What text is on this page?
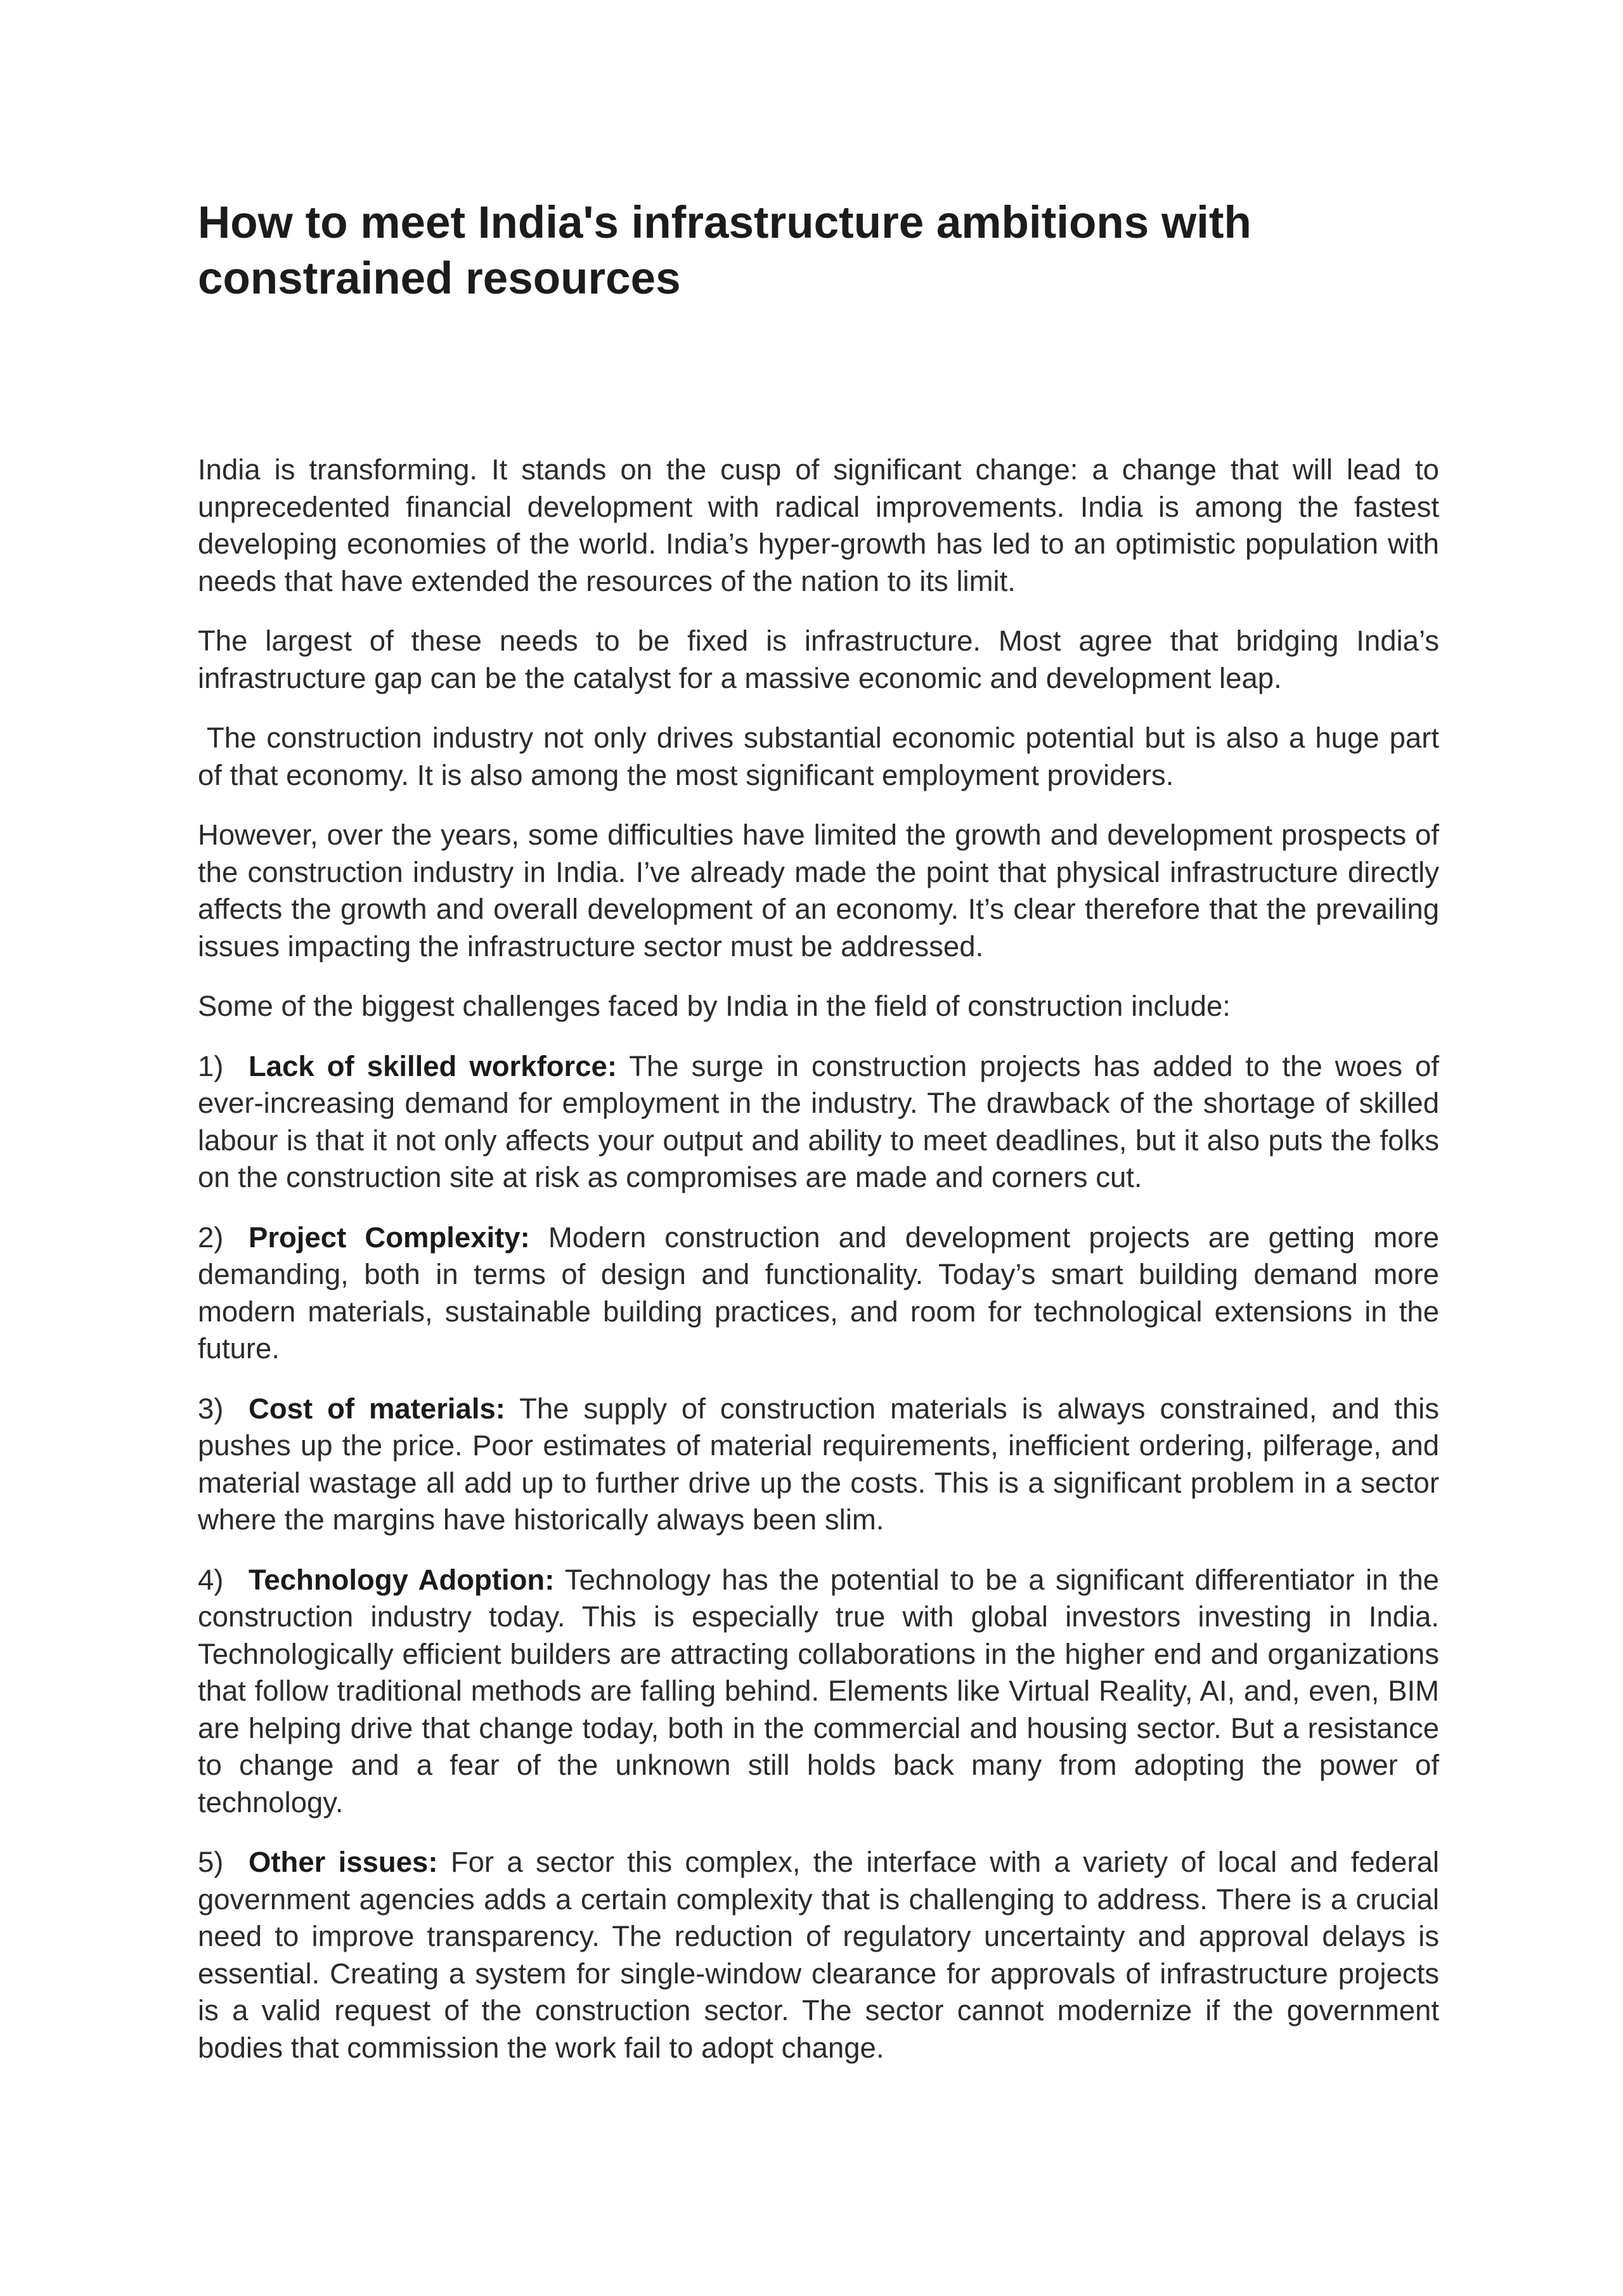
How to meet India's infrastructure ambitions with constrained resources

India is transforming. It stands on the cusp of significant change: a change that will lead to unprecedented financial development with radical improvements. India is among the fastest developing economies of the world. India’s hyper-growth has led to an optimistic population with needs that have extended the resources of the nation to its limit.

The largest of these needs to be fixed is infrastructure. Most agree that bridging India’s infrastructure gap can be the catalyst for a massive economic and development leap.

The construction industry not only drives substantial economic potential but is also a huge part of that economy. It is also among the most significant employment providers.

However, over the years, some difficulties have limited the growth and development prospects of the construction industry in India. I’ve already made the point that physical infrastructure directly affects the growth and overall development of an economy. It’s clear therefore that the prevailing issues impacting the infrastructure sector must be addressed.

Some of the biggest challenges faced by India in the field of construction include:

1) Lack of skilled workforce: The surge in construction projects has added to the woes of ever-increasing demand for employment in the industry. The drawback of the shortage of skilled labour is that it not only affects your output and ability to meet deadlines, but it also puts the folks on the construction site at risk as compromises are made and corners cut.

2) Project Complexity: Modern construction and development projects are getting more demanding, both in terms of design and functionality. Today’s smart building demand more modern materials, sustainable building practices, and room for technological extensions in the future.

3) Cost of materials: The supply of construction materials is always constrained, and this pushes up the price. Poor estimates of material requirements, inefficient ordering, pilferage, and material wastage all add up to further drive up the costs. This is a significant problem in a sector where the margins have historically always been slim.

4) Technology Adoption: Technology has the potential to be a significant differentiator in the construction industry today. This is especially true with global investors investing in India. Technologically efficient builders are attracting collaborations in the higher end and organizations that follow traditional methods are falling behind. Elements like Virtual Reality, AI, and, even, BIM are helping drive that change today, both in the commercial and housing sector. But a resistance to change and a fear of the unknown still holds back many from adopting the power of technology.

5) Other issues: For a sector this complex, the interface with a variety of local and federal government agencies adds a certain complexity that is challenging to address. There is a crucial need to improve transparency. The reduction of regulatory uncertainty and approval delays is essential. Creating a system for single-window clearance for approvals of infrastructure projects is a valid request of the construction sector. The sector cannot modernize if the government bodies that commission the work fail to adopt change.
